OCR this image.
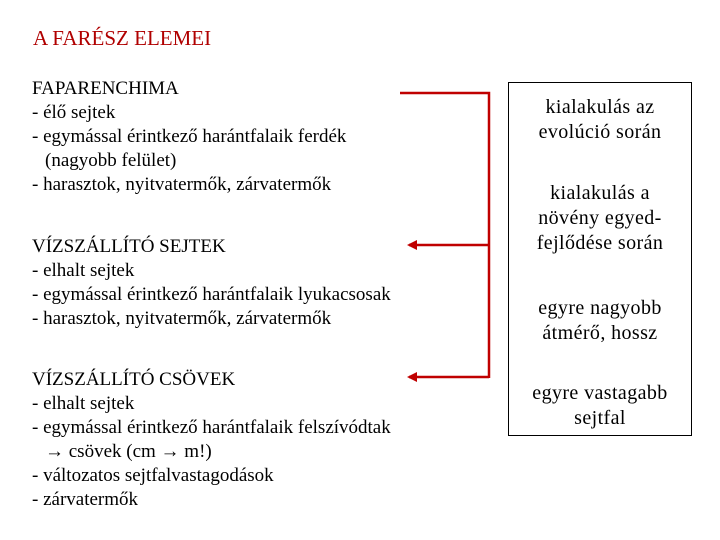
A FARÉSZ ELEMEI
FAPARENCHIMA
- élő sejtek
- egymással érintkező harántfalaik ferdék
(nagyobb felület)
- harasztok, nyitvatermők, zárvatermők
VÍZSZÁLLÍTÓ SEJTEK
- elhalt sejtek
- egymással érintkező harántfalaik lyukacsosak
- harasztok, nyitvatermők, zárvatermők
VÍZSZÁLLÍTÓ CSÖVEK
- elhalt sejtek
- egymással érintkező harántfalaik felszívódtak
→ csövek (cm → m!)
- változatos sejtfalvastagodások
- zárvatermők
kialakulás az
evolúció során
kialakulás a
növény egyed-
fejlődése során
egyre nagyobb
átmérő, hossz
egyre vastagabb
sejtfal
